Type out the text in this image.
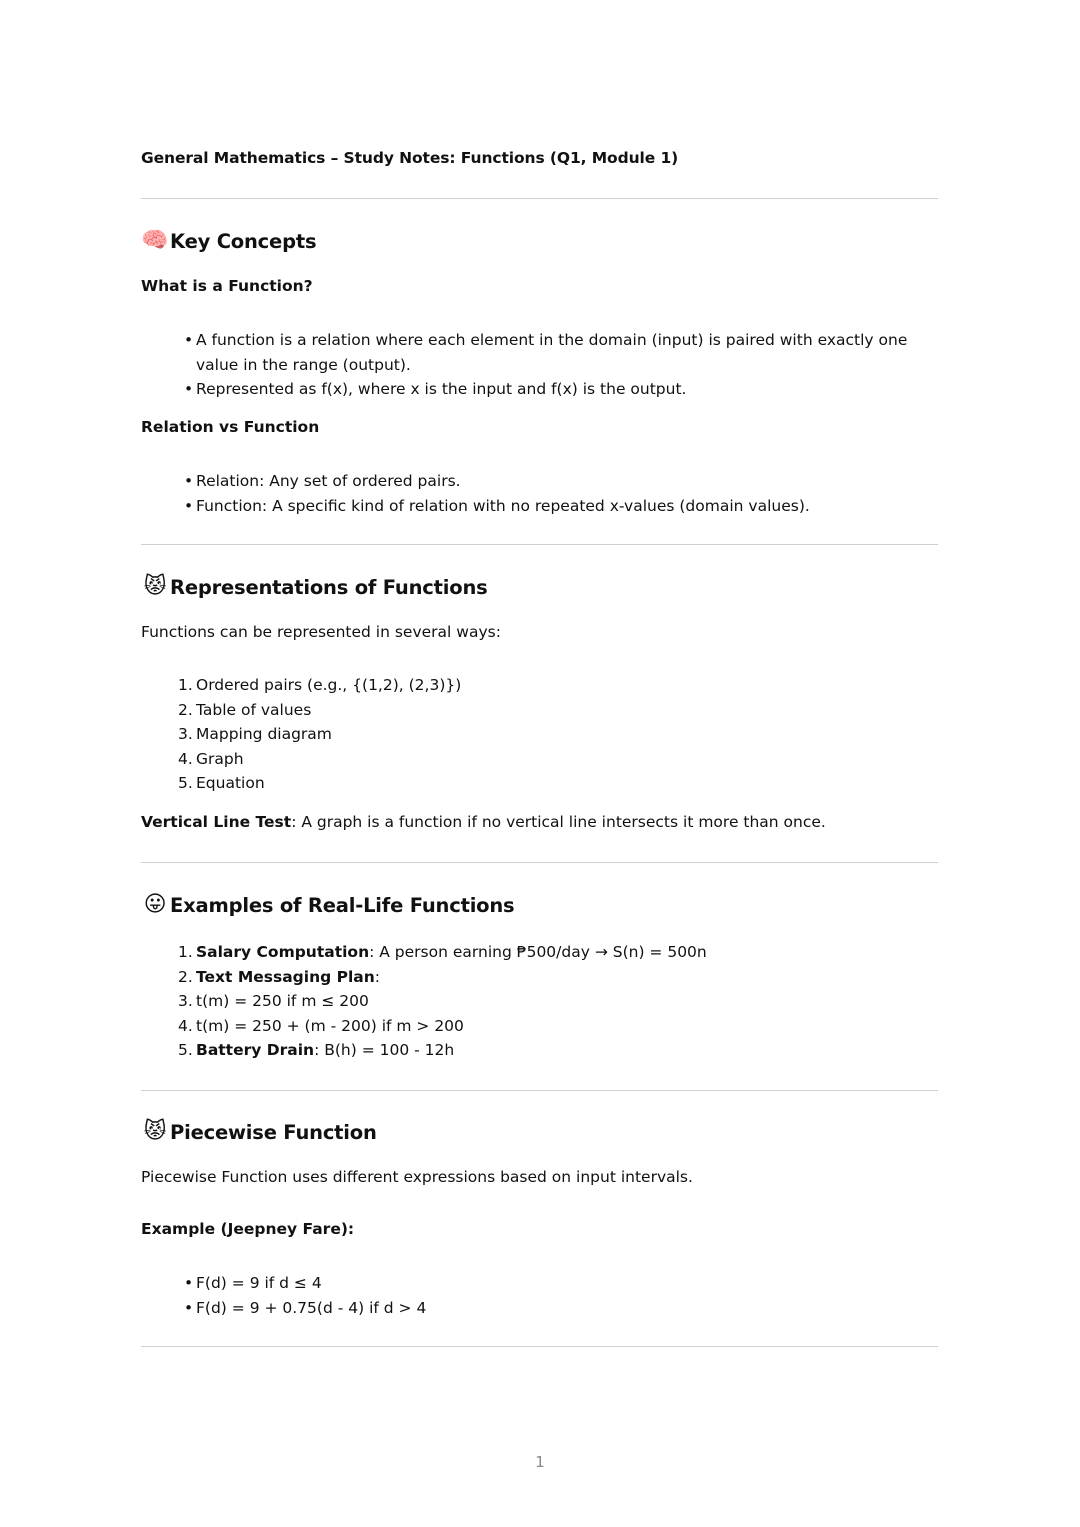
General Mathematics – Study Notes: Functions (Q1, Module 1)
🧠 Key Concepts
What is a Function?
• A function is a relation where each element in the domain (input) is paired with exactly one value in the range (output).
• Represented as f(x), where x is the input and f(x) is the output.
Relation vs Function
• Relation: Any set of ordered pairs.
• Function: A specific kind of relation with no repeated x-values (domain values).
😾 Representations of Functions
Functions can be represented in several ways:
1. Ordered pairs (e.g., {(1,2), (2,3)})
2. Table of values
3. Mapping diagram
4. Graph
5. Equation
Vertical Line Test: A graph is a function if no vertical line intersects it more than once.
😛 Examples of Real-Life Functions
1. Salary Computation: A person earning ₱500/day → S(n) = 500n
2. Text Messaging Plan:
3. t(m) = 250 if m ≤ 200
4. t(m) = 250 + (m - 200) if m > 200
5. Battery Drain: B(h) = 100 - 12h
😾 Piecewise Function
Piecewise Function uses different expressions based on input intervals.
Example (Jeepney Fare):
• F(d) = 9 if d ≤ 4
• F(d) = 9 + 0.75(d - 4) if d > 4
1
